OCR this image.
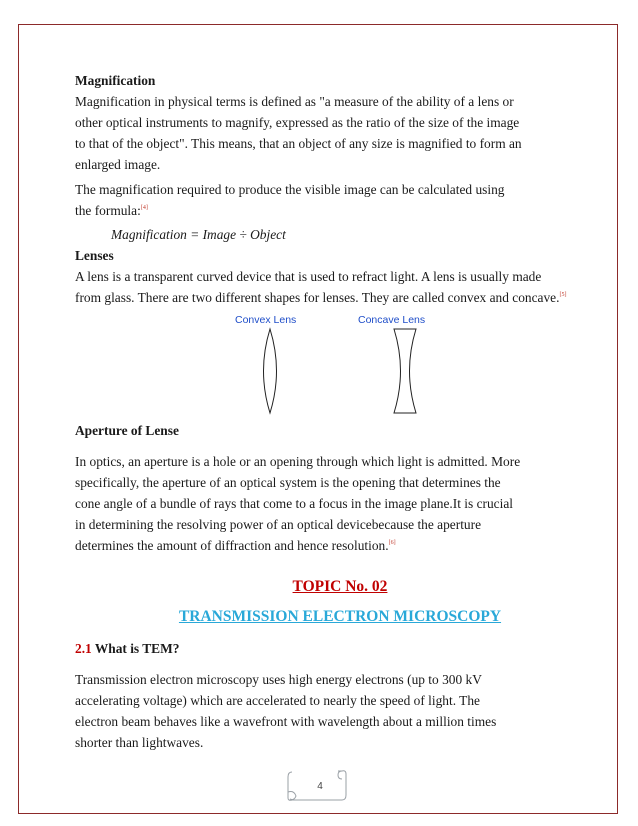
Magnification

Magnification in physical terms is defined as "a measure of the ability of a lens or

other optical instruments to magnify, expressed as the ratio of the size of the image

to that of the object". This means, that an object of any size is magnified to form an

enlarged image.

The magnification required to produce the visible image can be calculated using

the formula:[4]

Magnification = Image ÷ Object

Lenses

A lens is a transparent curved device that is used to refract light. A lens is usually made

from glass. There are two different shapes for lenses. They are called convex and concave.[5]

Convex Lens	Concave Lens

Aperture of Lense

In optics, an aperture is a hole or an opening through which light is admitted. More

specifically, the aperture of an optical system is the opening that determines the

cone angle of a bundle of rays that come to a focus in the image plane.It is crucial

in determining the resolving power of an optical devicebecause the aperture

determines the amount of diffraction and hence resolution.[6]

TOPIC No. 02

TRANSMISSION ELECTRON MICROSCOPY

2.1 What is TEM?

Transmission electron microscopy uses high energy electrons (up to 300 kV

accelerating voltage) which are accelerated to nearly the speed of light. The

electron beam behaves like a wavefront with wavelength about a million times

shorter than lightwaves.

4
